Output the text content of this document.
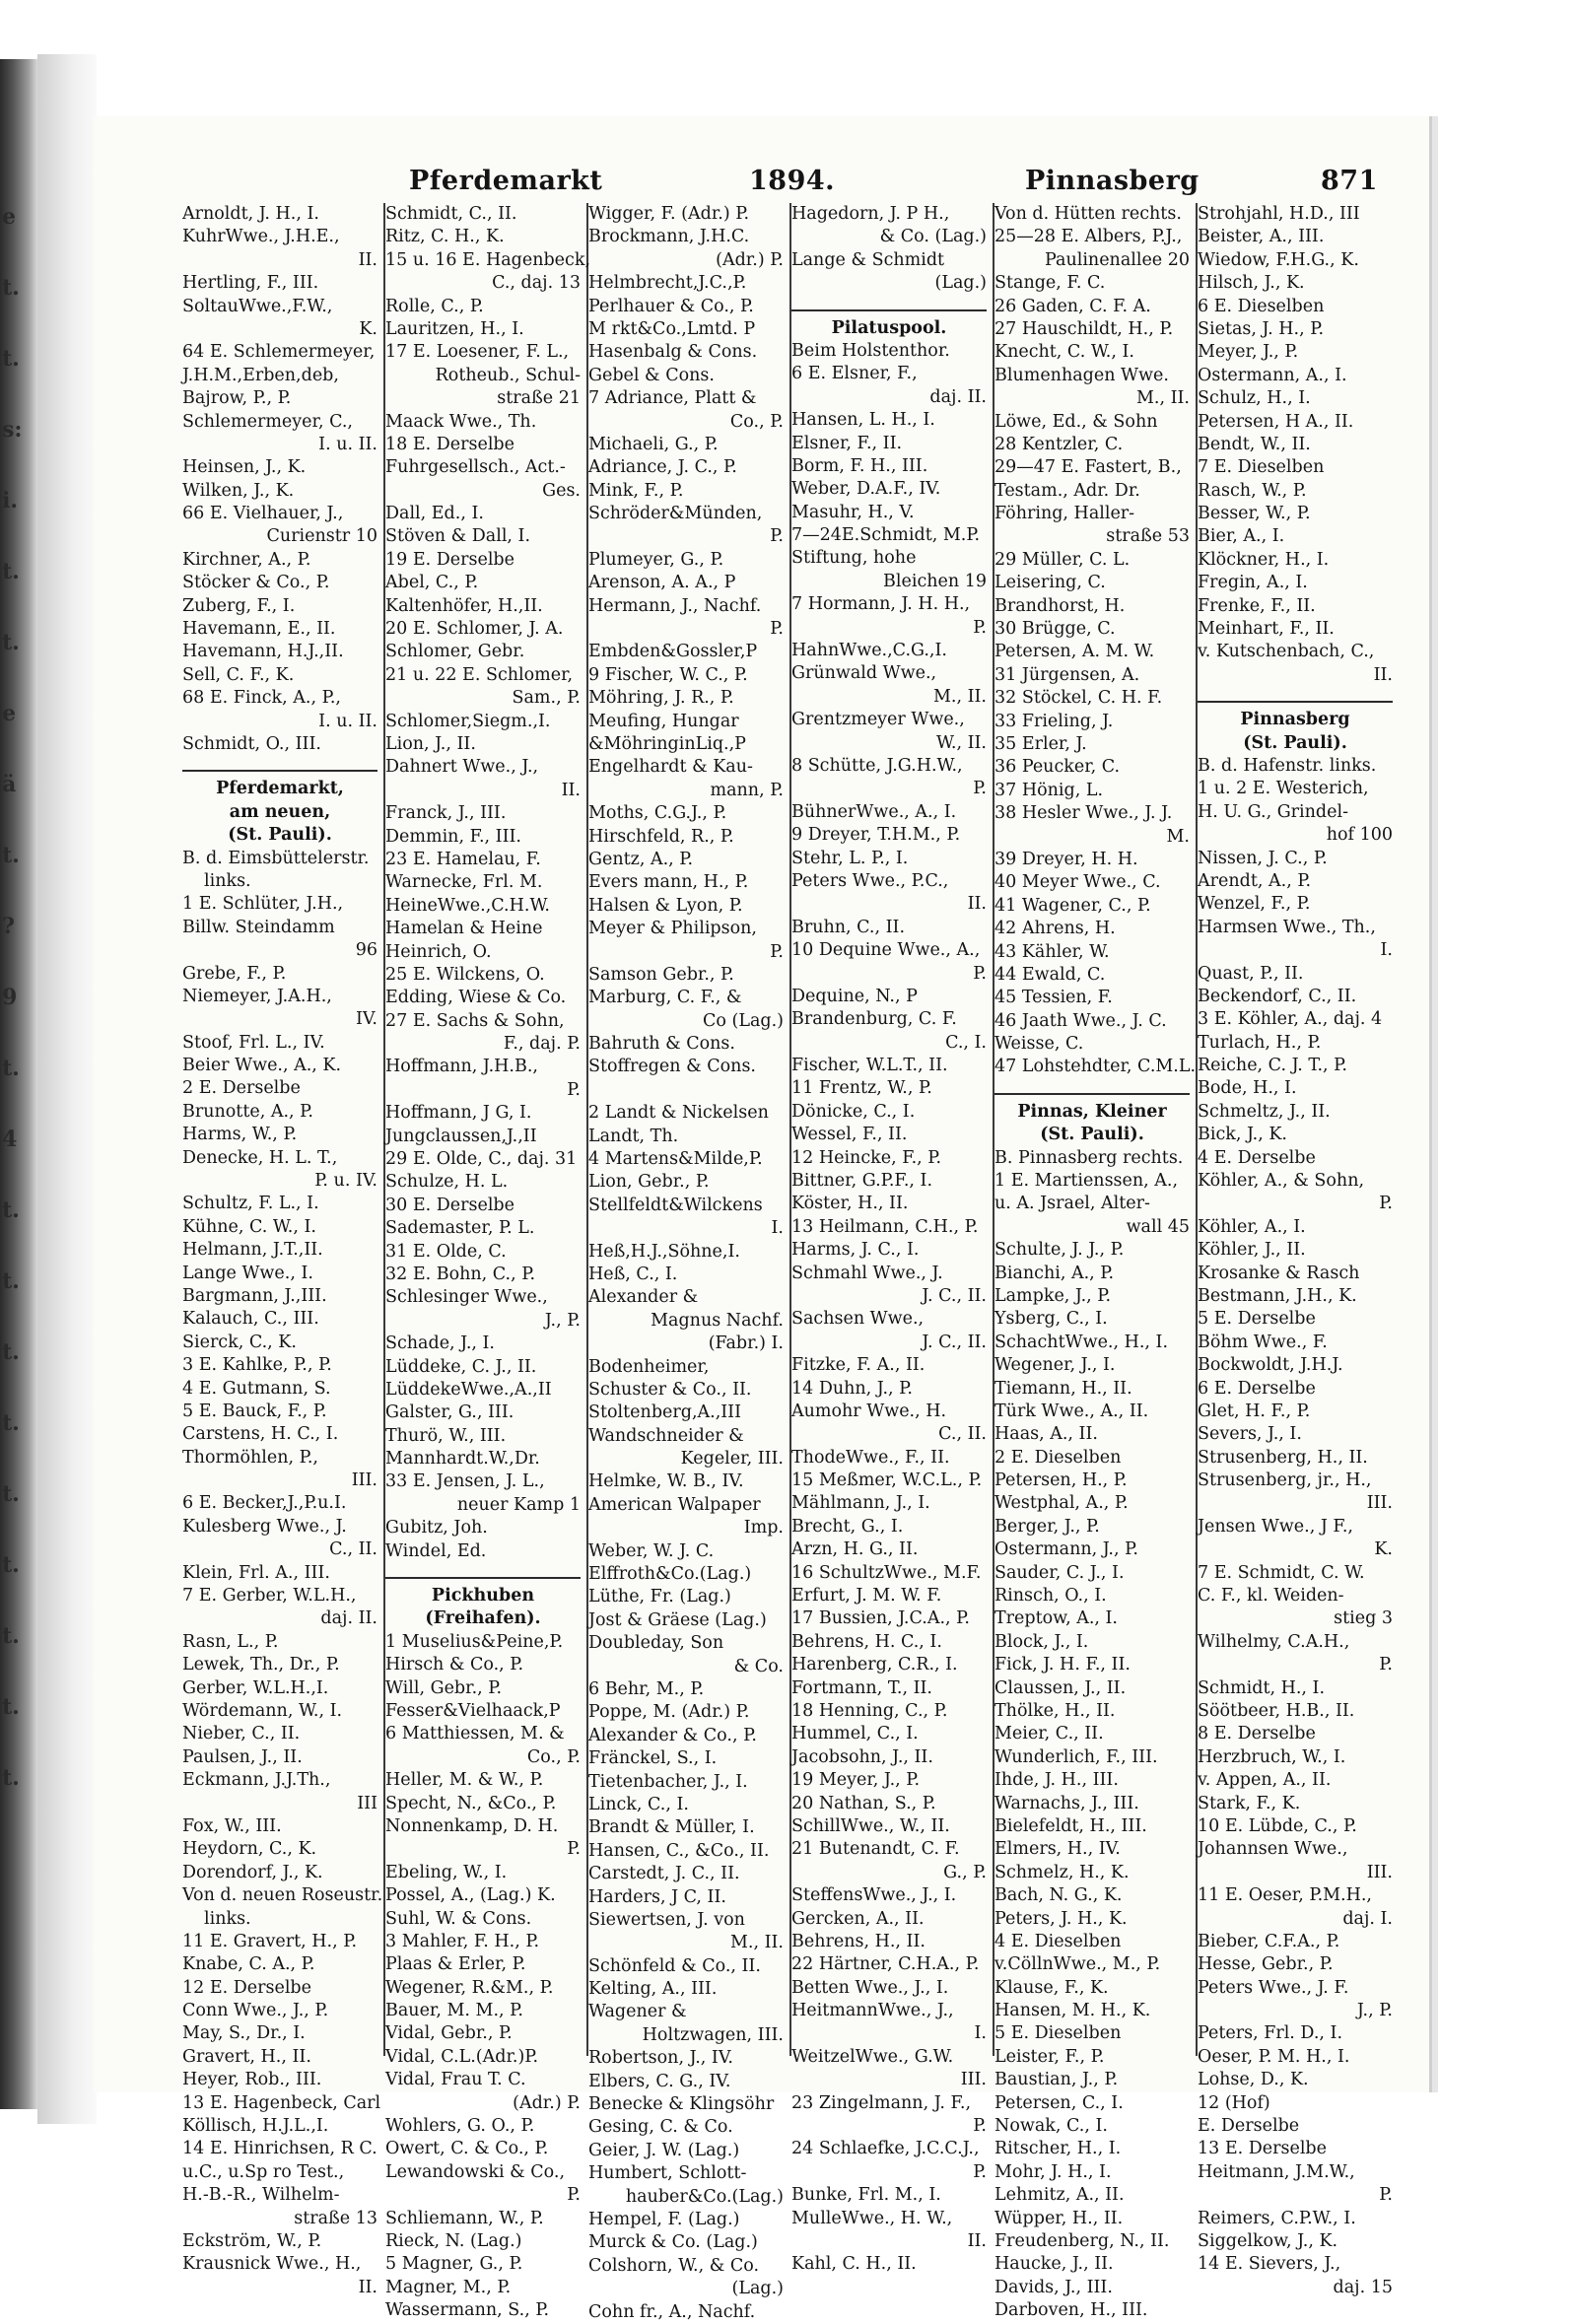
e
t.
t.
s:
i.
t.
t.
e
ä
t.
?
9
t.
4
t.
t.
t.
t.
t.
t.
t.
t.
t.
Pferdemarkt	1894.	Pinnasberg	871
Arnoldt, J. H., I.
KuhrWwe., J.H.E.,
II.
Hertling, F., III.
SoltauWwe.,F.W.,
K.
64 E. Schlemermeyer,
J.H.M.,Erben,deb,
Bajrow, P., P.
Schlemermeyer, C.,
I. u. II.
Heinsen, J., K.
Wilken, J., K.
66 E. Vielhauer, J.,
Curienstr 10
Kirchner, A., P.
Stöcker & Co., P.
Zuberg, F., I.
Havemann, E., II.
Havemann, H.J.,II.
Sell, C. F., K.
68 E. Finck, A., P.,
I. u. II.
Schmidt, O., III.
Pferdemarkt,
am neuen,
(St. Pauli).
B. d. Eimsbüttelerstr.
links.
1 E. Schlüter, J.H.,
Billw. Steindamm
96
Grebe, F., P.
Niemeyer, J.A.H.,
IV.
Stoof, Frl. L., IV.
Beier Wwe., A., K.
2 E. Derselbe
Brunotte, A., P.
Harms, W., P.
Denecke, H. L. T.,
P. u. IV.
Schultz, F. L., I.
Kühne, C. W., I.
Helmann, J.T.,II.
Lange Wwe., I.
Bargmann, J.,III.
Kalauch, C., III.
Sierck, C., K.
3 E. Kahlke, P., P.
4 E. Gutmann, S.
5 E. Bauck, F., P.
Carstens, H. C., I.
Thormöhlen, P.,
III.
6 E. Becker,J.,P.u.I.
Kulesberg Wwe., J.
C., II.
Klein, Frl. A., III.
7 E. Gerber, W.L.H.,
daj. II.
Rasn, L., P.
Lewek, Th., Dr., P.
Gerber, W.L.H.,I.
Wördemann, W., I.
Nieber, C., II.
Paulsen, J., II.
Eckmann, J.J.Th.,
III
Fox, W., III.
Heydorn, C., K.
Dorendorf, J., K.
Von d. neuen Roseustr.
links.
11 E. Gravert, H., P.
Knabe, C. A., P.
12 E. Derselbe
Conn Wwe., J., P.
May, S., Dr., I.
Gravert, H., II.
Heyer, Rob., III.
13 E. Hagenbeck, Carl
Köllisch, H.J.L.,I.
14 E. Hinrichsen, R C.
u.C., u.Sp ro Test.,
H.-B.-R., Wilhelm-
straße 13
Eckström, W., P.
Krausnick Wwe., H.,
II.
Schmidt, C., II.
Ritz, C. H., K.
15 u. 16 E. Hagenbeck,
C., daj. 13
Rolle, C., P.
Lauritzen, H., I.
17 E. Loesener, F. L.,
Rotheub., Schul-
straße 21
Maack Wwe., Th.
18 E. Derselbe
Fuhrgesellsch., Act.-
Ges.
Dall, Ed., I.
Stöven & Dall, I.
19 E. Derselbe
Abel, C., P.
Kaltenhöfer, H.,II.
20 E. Schlomer, J. A.
Schlomer, Gebr.
21 u. 22 E. Schlomer,
Sam., P.
Schlomer,Siegm.,I.
Lion, J., II.
Dahnert Wwe., J.,
II.
Franck, J., III.
Demmin, F., III.
23 E. Hamelau, F.
Warnecke, Frl. M.
HeineWwe.,C.H.W.
Hamelan & Heine
Heinrich, O.
25 E. Wilckens, O.
Edding, Wiese & Co.
27 E. Sachs & Sohn,
F., daj. P.
Hoffmann, J.H.B.,
P.
Hoffmann, J G, I.
Jungclaussen,J.,II
29 E. Olde, C., daj. 31
Schulze, H. L.
30 E. Derselbe
Sademaster, P. L.
31 E. Olde, C.
32 E. Bohn, C., P.
Schlesinger Wwe.,
J., P.
Schade, J., I.
Lüddeke, C. J., II.
LüddekeWwe.,A.,II
Galster, G., III.
Thurö, W., III.
Mannhardt.W.,Dr.
33 E. Jensen, J. L.,
neuer Kamp 1
Gubitz, Joh.
Windel, Ed.
Pickhuben
(Freihafen).
1 Muselius&Peine,P.
Hirsch & Co., P.
Will, Gebr., P.
Fesser&Vielhaack,P
6 Matthiessen, M. &
Co., P.
Heller, M. & W., P.
Specht, N., &Co., P.
Nonnenkamp, D. H.
P.
Ebeling, W., I.
Possel, A., (Lag.) K.
Suhl, W. & Cons.
3 Mahler, F. H., P.
Plaas & Erler, P.
Wegener, R.&M., P.
Bauer, M. M., P.
Vidal, Gebr., P.
Vidal, C.L.(Adr.)P.
Vidal, Frau T. C.
(Adr.) P.
Wohlers, G. O., P.
Owert, C. & Co., P.
Lewandowski & Co.,
P.
Schliemann, W., P.
Rieck, N. (Lag.)
5 Magner, G., P.
Magner, M., P.
Wassermann, S., P.
Wigger, F. (Adr.) P.
Brockmann, J.H.C.
(Adr.) P.
Helmbrecht,J.C.,P.
Perlhauer & Co., P.
M rkt&Co.,Lmtd. P
Hasenbalg & Cons.
Gebel & Cons.
7 Adriance, Platt &
Co., P.
Michaeli, G., P.
Adriance, J. C., P.
Mink, F., P.
Schröder&Münden,
P.
Plumeyer, G., P.
Arenson, A. A., P
Hermann, J., Nachf.
P.
Embden&Gossler,P
9 Fischer, W. C., P.
Möhring, J. R., P.
Meufing, Hungar
&MöhringinLiq.,P
Engelhardt & Kau-
mann, P.
Moths, C.G.J., P.
Hirschfeld, R., P.
Gentz, A., P.
Evers mann, H., P.
Halsen & Lyon, P.
Meyer & Philipson,
P.
Samson Gebr., P.
Marburg, C. F., &
Co (Lag.)
Bahruth & Cons.
Stoffregen & Cons.
2 Landt & Nickelsen
Landt, Th.
4 Martens&Milde,P.
Lion, Gebr., P.
Stellfeldt&Wilckens
I.
Heß,H.J.,Söhne,I.
Heß, C., I.
Alexander &
Magnus Nachf.
(Fabr.) I.
Bodenheimer,
Schuster & Co., II.
Stoltenberg,A.,III
Wandschneider &
Kegeler, III.
Helmke, W. B., IV.
American Walpaper
Imp.
Weber, W. J. C.
Elffroth&Co.(Lag.)
Lüthe, Fr. (Lag.)
Jost & Gräese (Lag.)
Doubleday, Son
& Co.
6 Behr, M., P.
Poppe, M. (Adr.) P.
Alexander & Co., P.
Fränckel, S., I.
Tietenbacher, J., I.
Linck, C., I.
Brandt & Müller, I.
Hansen, C., &Co., II.
Carstedt, J. C., II.
Harders, J C, II.
Siewertsen, J. von
M., II.
Schönfeld & Co., II.
Kelting, A., III.
Wagener &
Holtzwagen, III.
Robertson, J., IV.
Elbers, C. G., IV.
Benecke & Klingsöhr
Gesing, C. & Co.
Geier, J. W. (Lag.)
Humbert, Schlott-
hauber&Co.(Lag.)
Hempel, F. (Lag.)
Murck & Co. (Lag.)
Colshorn, W., & Co.
(Lag.)
Cohn fr., A., Nachf.
Hagedorn, J. P H.,
& Co. (Lag.)
Lange & Schmidt
(Lag.)
Pilatuspool.
Beim Holstenthor.
6 E. Elsner, F.,
daj. II.
Hansen, L. H., I.
Elsner, F., II.
Borm, F. H., III.
Weber, D.A.F., IV.
Masuhr, H., V.
7—24E.Schmidt, M.P.
Stiftung, hohe
Bleichen 19
7 Hormann, J. H. H.,
P.
HahnWwe.,C.G.,I.
Grünwald Wwe.,
M., II.
Grentzmeyer Wwe.,
W., II.
8 Schütte, J.G.H.W.,
P.
BühnerWwe., A., I.
9 Dreyer, T.H.M., P.
Stehr, L. P., I.
Peters Wwe., P.C.,
II.
Bruhn, C., II.
10 Dequine Wwe., A.,
P.
Dequine, N., P
Brandenburg, C. F.
C., I.
Fischer, W.L.T., II.
11 Frentz, W., P.
Dönicke, C., I.
Wessel, F., II.
12 Heincke, F., P.
Bittner, G.P.F., I.
Köster, H., II.
13 Heilmann, C.H., P.
Harms, J. C., I.
Schmahl Wwe., J.
J. C., II.
Sachsen Wwe.,
J. C., II.
Fitzke, F. A., II.
14 Duhn, J., P.
Aumohr Wwe., H.
C., II.
ThodeWwe., F., II.
15 Meßmer, W.C.L., P.
Mählmann, J., I.
Brecht, G., I.
Arzn, H. G., II.
16 SchultzWwe., M.F.
Erfurt, J. M. W. F.
17 Bussien, J.C.A., P.
Behrens, H. C., I.
Harenberg, C.R., I.
Fortmann, T., II.
18 Henning, C., P.
Hummel, C., I.
Jacobsohn, J., II.
19 Meyer, J., P.
20 Nathan, S., P.
SchillWwe., W., II.
21 Butenandt, C. F.
G., P.
SteffensWwe., J., I.
Gercken, A., II.
Behrens, H., II.
22 Härtner, C.H.A., P.
Betten Wwe., J., I.
HeitmannWwe., J.,
I.
WeitzelWwe., G.W.
III.
23 Zingelmann, J. F.,
P.
24 Schlaefke, J.C.C.J.,
P.
Bunke, Frl. M., I.
MulleWwe., H. W.,
II.
Kahl, C. H., II.
Von d. Hütten rechts.
25—28 E. Albers, P.J.,
Paulinenallee 20
Stange, F. C.
26 Gaden, C. F. A.
27 Hauschildt, H., P.
Knecht, C. W., I.
Blumenhagen Wwe.
M., II.
Löwe, Ed., & Sohn
28 Kentzler, C.
29—47 E. Fastert, B.,
Testam., Adr. Dr.
Föhring, Haller-
straße 53
29 Müller, C. L.
Leisering, C.
Brandhorst, H.
30 Brügge, C.
Petersen, A. M. W.
31 Jürgensen, A.
32 Stöckel, C. H. F.
33 Frieling, J.
35 Erler, J.
36 Peucker, C.
37 Hönig, L.
38 Hesler Wwe., J. J.
M.
39 Dreyer, H. H.
40 Meyer Wwe., C.
41 Wagener, C., P.
42 Ahrens, H.
43 Kähler, W.
44 Ewald, C.
45 Tessien, F.
46 Jaath Wwe., J. C.
Weisse, C.
47 Lohstehdter, C.M.L.
Pinnas, Kleiner
(St. Pauli).
B. Pinnasberg rechts.
1 E. Martienssen, A.,
u. A. Jsrael, Alter-
wall 45
Schulte, J. J., P.
Bianchi, A., P.
Lampke, J., P.
Ysberg, C., I.
SchachtWwe., H., I.
Wegener, J., I.
Tiemann, H., II.
Türk Wwe., A., II.
Haas, A., II.
2 E. Dieselben
Petersen, H., P.
Westphal, A., P.
Berger, J., P.
Ostermann, J., P.
Sauder, C. J., I.
Rinsch, O., I.
Treptow, A., I.
Block, J., I.
Fick, J. H. F., II.
Claussen, J., II.
Thölke, H., II.
Meier, C., II.
Wunderlich, F., III.
Ihde, J. H., III.
Warnachs, J., III.
Bielefeldt, H., III.
Elmers, H., IV.
Schmelz, H., K.
Bach, N. G., K.
Peters, J. H., K.
4 E. Dieselben
v.CöllnWwe., M., P.
Klause, F., K.
Hansen, M. H., K.
5 E. Dieselben
Leister, F., P.
Baustian, J., P.
Petersen, C., I.
Nowak, C., I.
Ritscher, H., I.
Mohr, J. H., I.
Lehmitz, A., II.
Wüpper, H., II.
Freudenberg, N., II.
Haucke, J., II.
Davids, J., III.
Darboven, H., III.
Strohjahl, H.D., III
Beister, A., III.
Wiedow, F.H.G., K.
Hilsch, J., K.
6 E. Dieselben
Sietas, J. H., P.
Meyer, J., P.
Ostermann, A., I.
Schulz, H., I.
Petersen, H A., II.
Bendt, W., II.
7 E. Dieselben
Rasch, W., P.
Besser, W., P.
Bier, A., I.
Klöckner, H., I.
Fregin, A., I.
Frenke, F., II.
Meinhart, F., II.
v. Kutschenbach, C.,
II.
Pinnasberg
(St. Pauli).
B. d. Hafenstr. links.
1 u. 2 E. Westerich,
H. U. G., Grindel-
hof 100
Nissen, J. C., P.
Arendt, A., P.
Wenzel, F., P.
Harmsen Wwe., Th.,
I.
Quast, P., II.
Beckendorf, C., II.
3 E. Köhler, A., daj. 4
Turlach, H., P.
Reiche, C. J. T., P.
Bode, H., I.
Schmeltz, J., II.
Bick, J., K.
4 E. Derselbe
Köhler, A., & Sohn,
P.
Köhler, A., I.
Köhler, J., II.
Krosanke & Rasch
Bestmann, J.H., K.
5 E. Derselbe
Böhm Wwe., F.
Bockwoldt, J.H.J.
6 E. Derselbe
Glet, H. F., P.
Severs, J., I.
Strusenberg, H., II.
Strusenberg, jr., H.,
III.
Jensen Wwe., J F.,
K.
7 E. Schmidt, C. W.
C. F., kl. Weiden-
stieg 3
Wilhelmy, C.A.H.,
P.
Schmidt, H., I.
Söötbeer, H.B., II.
8 E. Derselbe
Herzbruch, W., I.
v. Appen, A., II.
Stark, F., K.
10 E. Lübde, C., P.
Johannsen Wwe.,
III.
11 E. Oeser, P.M.H.,
daj. I.
Bieber, C.F.A., P.
Hesse, Gebr., P.
Peters Wwe., J. F.
J., P.
Peters, Frl. D., I.
Oeser, P. M. H., I.
Lohse, D., K.
12 (Hof)
E. Derselbe
13 E. Derselbe
Heitmann, J.M.W.,
P.
Reimers, C.P.W., I.
Siggelkow, J., K.
14 E. Sievers, J.,
daj. 15
